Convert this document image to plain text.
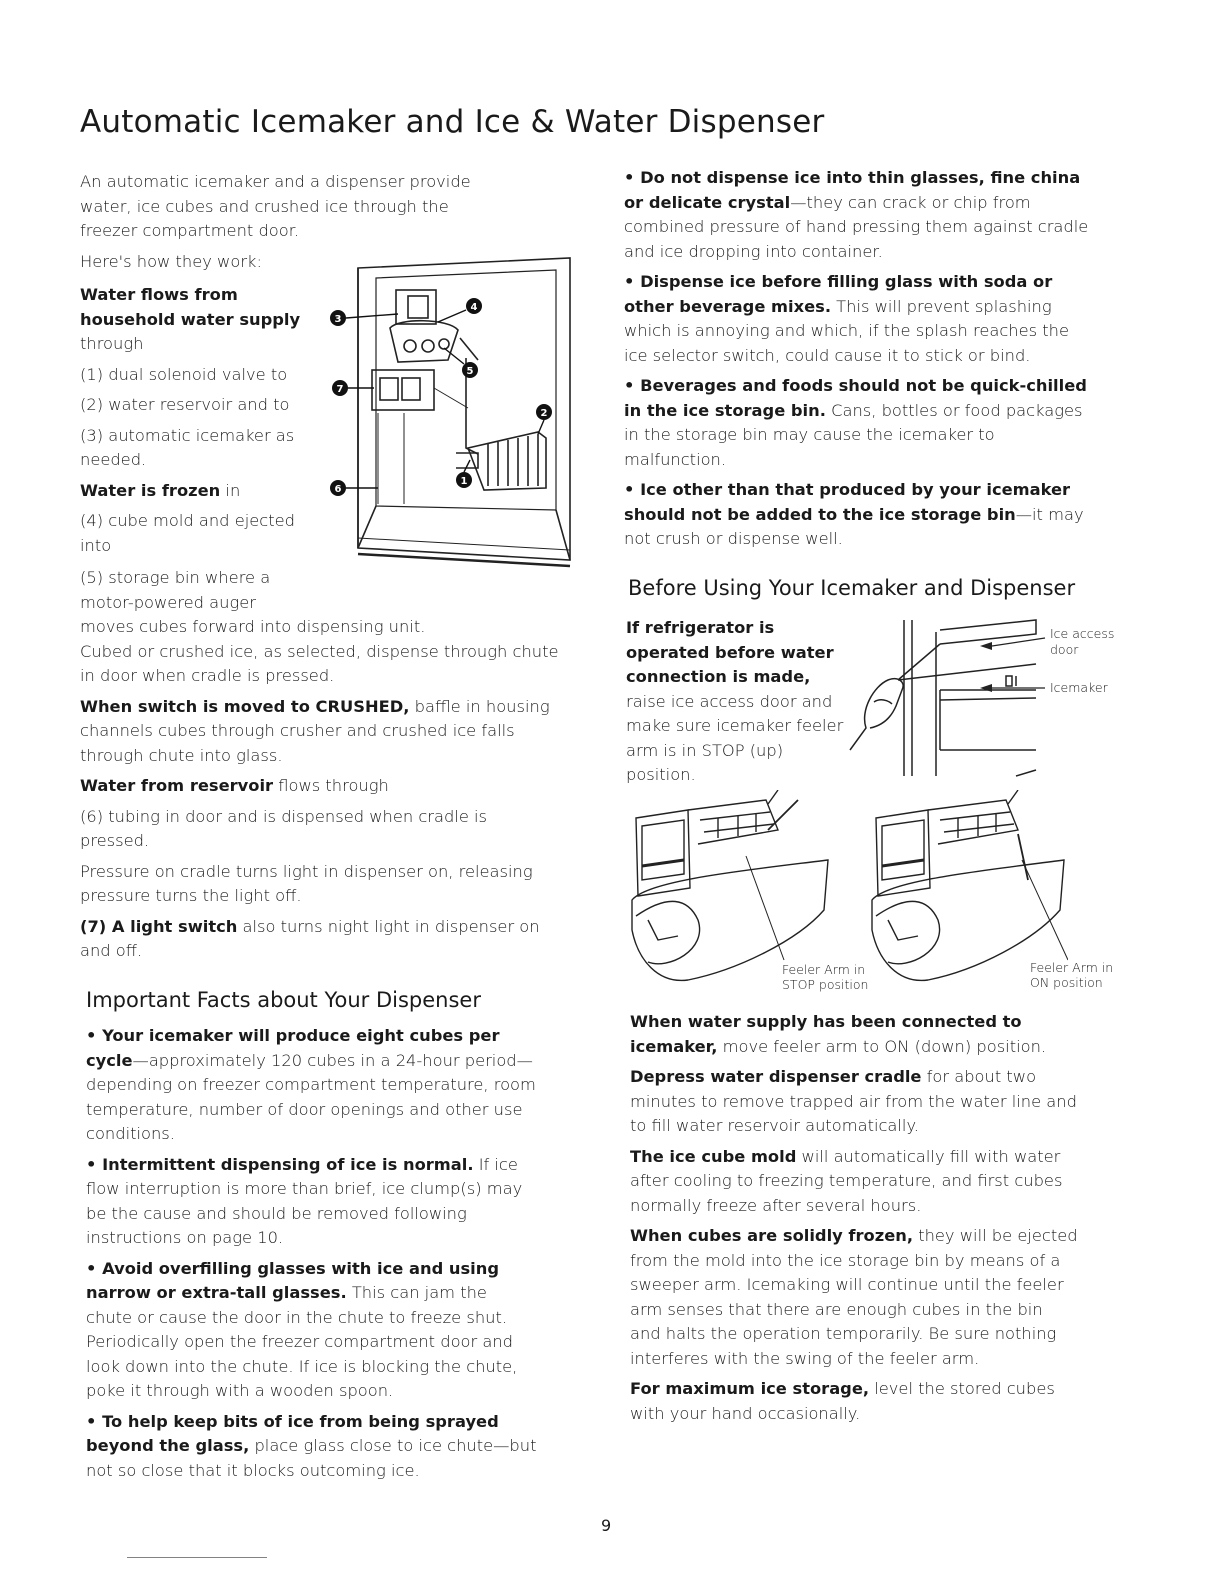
Automatic Icemaker and Ice & Water Dispenser

An automatic icemaker and a dispenser provide water, ice cubes and crushed ice through the freezer compartment door.

Here's how they work:

Water flows from household water supply through

(1) dual solenoid valve to

(2) water reservoir and to

(3) automatic icemaker as needed.

Water is frozen in

(4) cube mold and ejected into

3
4
5
7
2
1
6

(5) storage bin where a motor-powered auger

moves cubes forward into dispensing unit.

Cubed or crushed ice, as selected, dispense through chute in door when cradle is pressed.

When switch is moved to CRUSHED, baffle in housing channels cubes through crusher and crushed ice falls through chute into glass.

Water from reservoir flows through

(6) tubing in door and is dispensed when cradle is pressed.

Pressure on cradle turns light in dispenser on, releasing pressure turns the light off.

(7) A light switch also turns night light in dispenser on and off.

Important Facts about Your Dispenser

• Your icemaker will produce eight cubes per cycle—approximately 120 cubes in a 24-hour period—depending on freezer compartment temperature, room temperature, number of door openings and other use conditions.

• Intermittent dispensing of ice is normal. If ice flow interruption is more than brief, ice clump(s) may be the cause and should be removed following instructions on page 10.

• Avoid overfilling glasses with ice and using narrow or extra-tall glasses. This can jam the chute or cause the door in the chute to freeze shut. Periodically open the freezer compartment door and look down into the chute. If ice is blocking the chute, poke it through with a wooden spoon.

• To help keep bits of ice from being sprayed beyond the glass, place glass close to ice chute—but not so close that it blocks outcoming ice.

• Do not dispense ice into thin glasses, fine china or delicate crystal—they can crack or chip from combined pressure of hand pressing them against cradle and ice dropping into container.

• Dispense ice before filling glass with soda or other beverage mixes. This will prevent splashing which is annoying and which, if the splash reaches the ice selector switch, could cause it to stick or bind.

• Beverages and foods should not be quick-chilled in the ice storage bin. Cans, bottles or food packages in the storage bin may cause the icemaker to malfunction.

• Ice other than that produced by your icemaker should not be added to the ice storage bin—it may not crush or dispense well.

Before Using Your Icemaker and Dispenser

If refrigerator is operated before water connection is made, raise ice access door and make sure icemaker feeler arm is in STOP (up) position.

Ice access door
Icemaker
Feeler Arm in STOP position
Feeler Arm in ON position

When water supply has been connected to icemaker, move feeler arm to ON (down) position.

Depress water dispenser cradle for about two minutes to remove trapped air from the water line and to fill water reservoir automatically.

The ice cube mold will automatically fill with water after cooling to freezing temperature, and first cubes normally freeze after several hours.

When cubes are solidly frozen, they will be ejected from the mold into the ice storage bin by means of a sweeper arm. Icemaking will continue until the feeler arm senses that there are enough cubes in the bin and halts the operation temporarily. Be sure nothing interferes with the swing of the feeler arm.

For maximum ice storage, level the stored cubes with your hand occasionally.

9
